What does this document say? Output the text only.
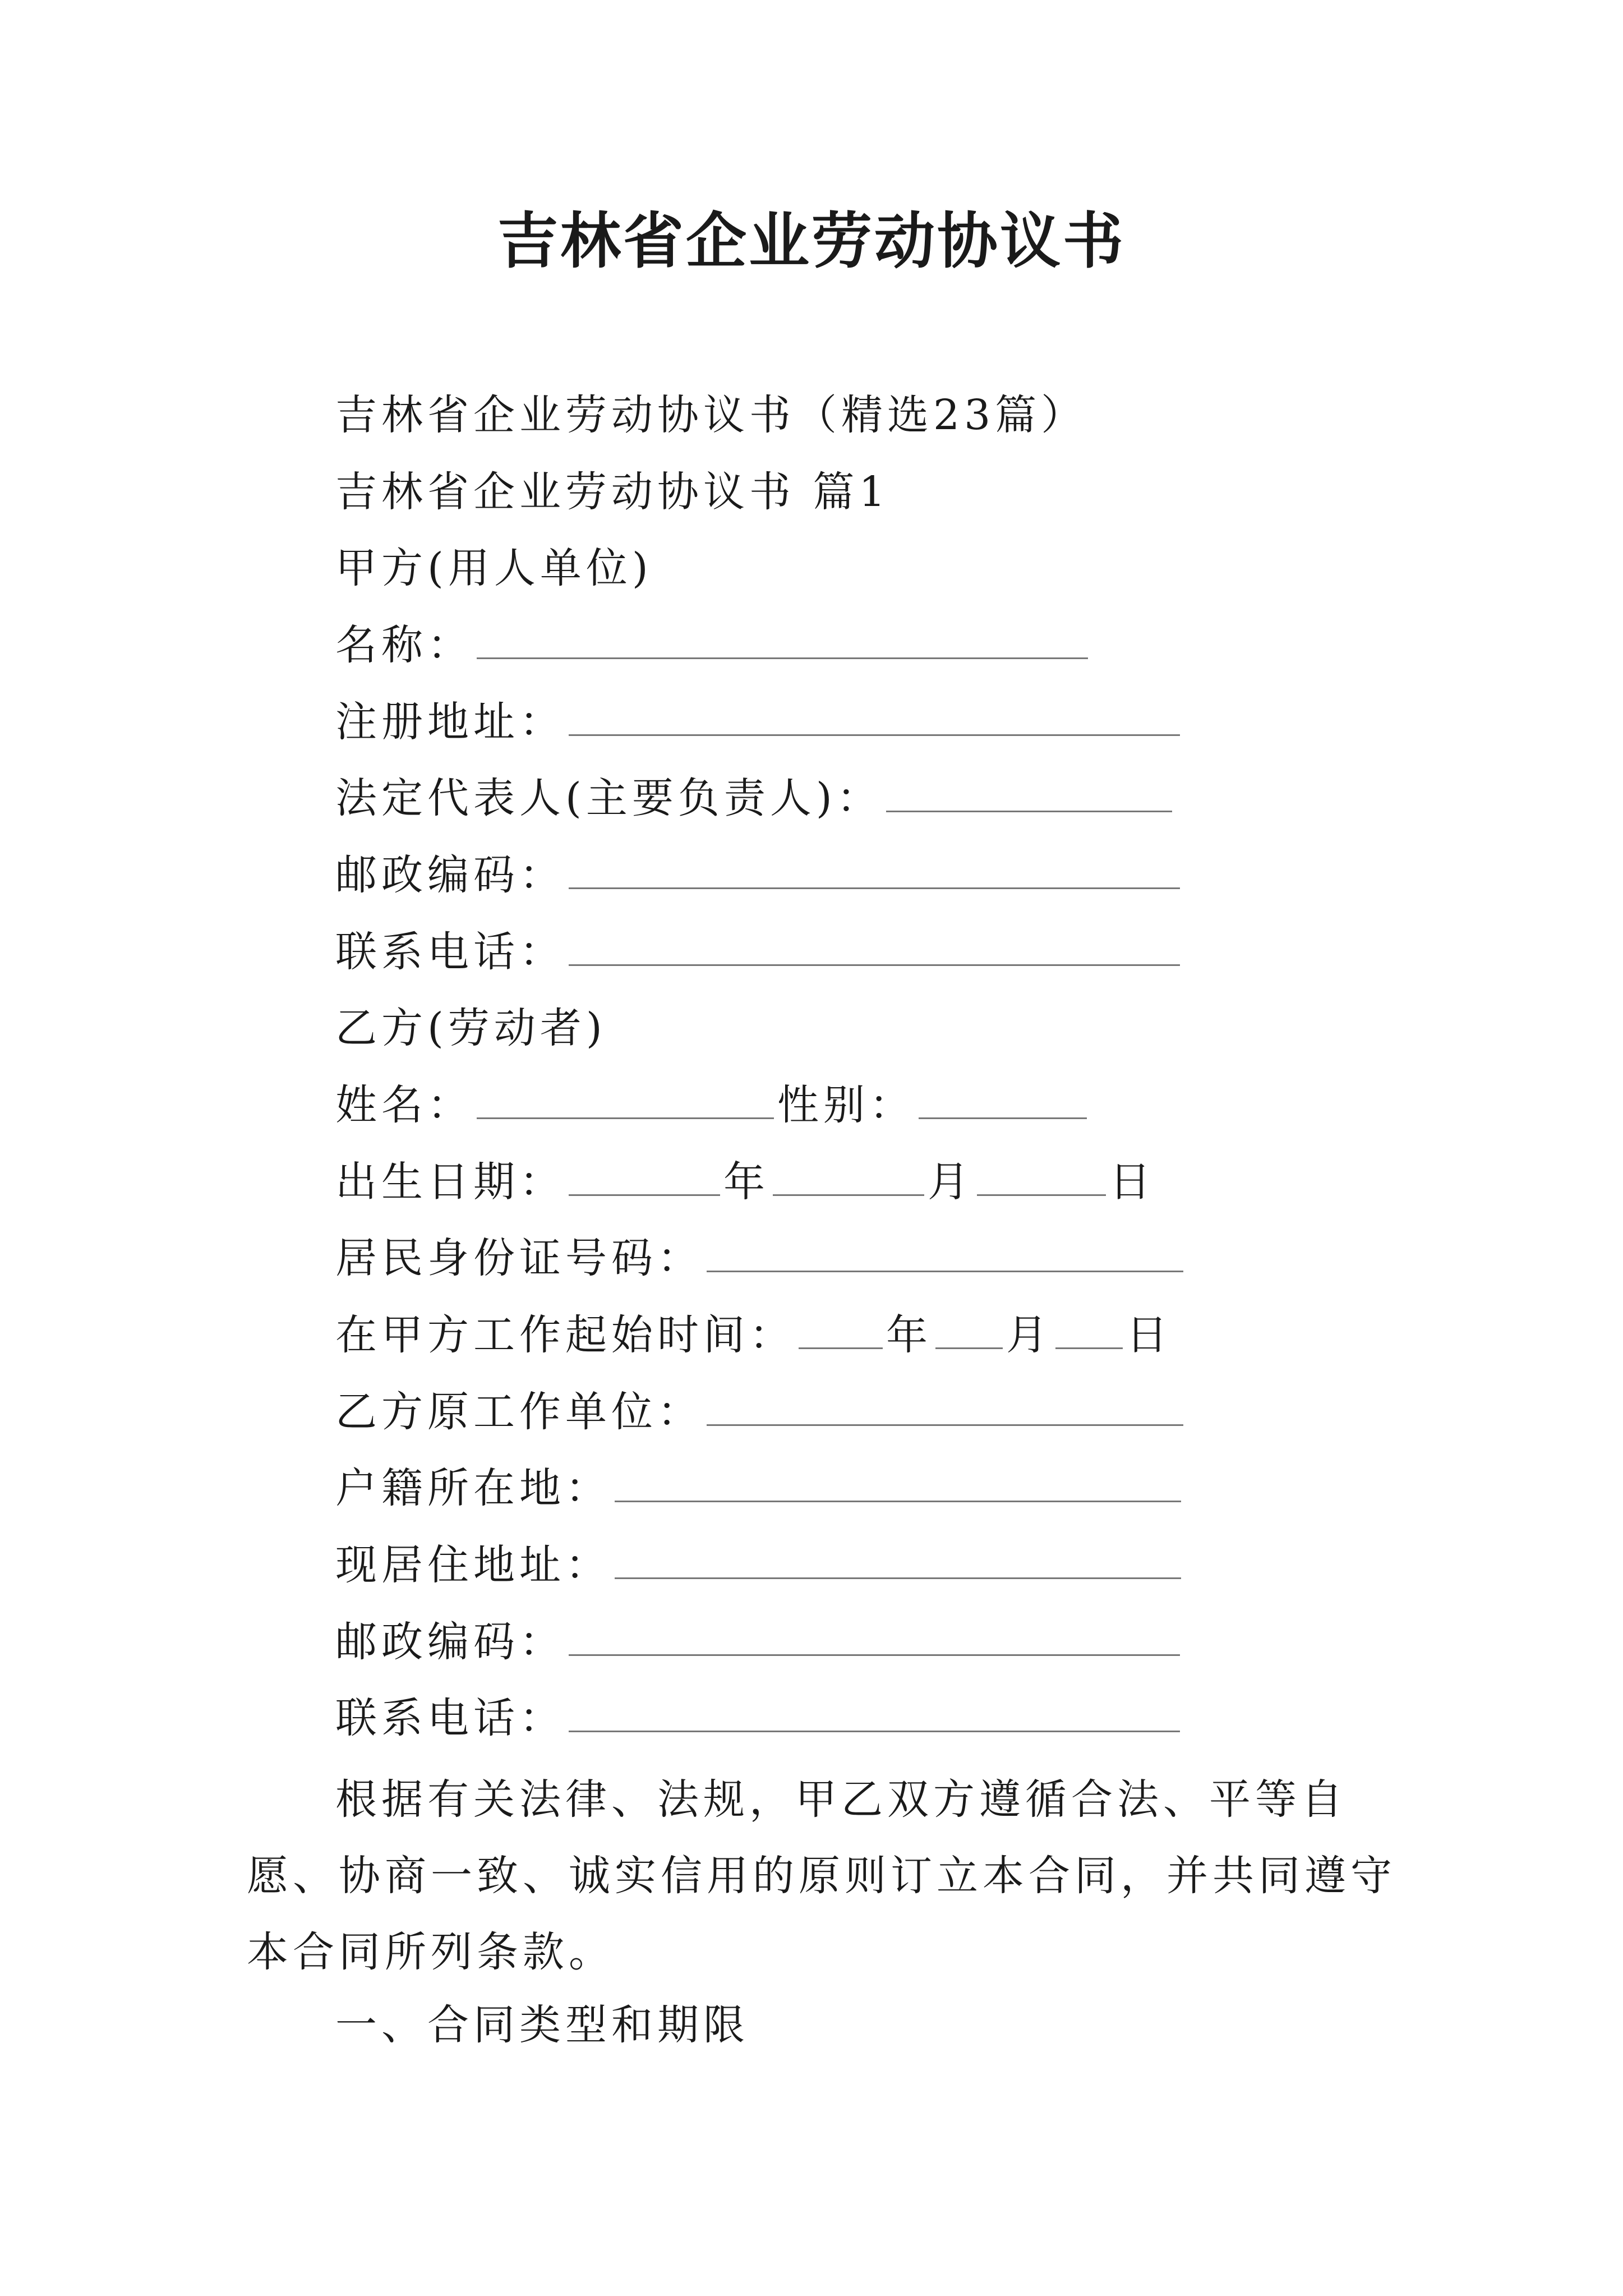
吉林省企业劳动协议书
吉林省企业劳动协议书（精选23篇）
吉林省企业劳动协议书 篇1
甲方(用人单位)
名称：
注册地址：
法定代表人(主要负责人)：
邮政编码：
联系电话：
乙方(劳动者)
姓名：	性别：
出生日期：	年	月	日
居民身份证号码：
在甲方工作起始时间： 年 月 日
乙方原工作单位：
户籍所在地：
现居住地址：
邮政编码：
联系电话：
根据有关法律、法规，甲乙双方遵循合法、平等自愿、协商一致、诚实信用的原则订立本合同，并共同遵守本合同所列条款。
一、合同类型和期限
